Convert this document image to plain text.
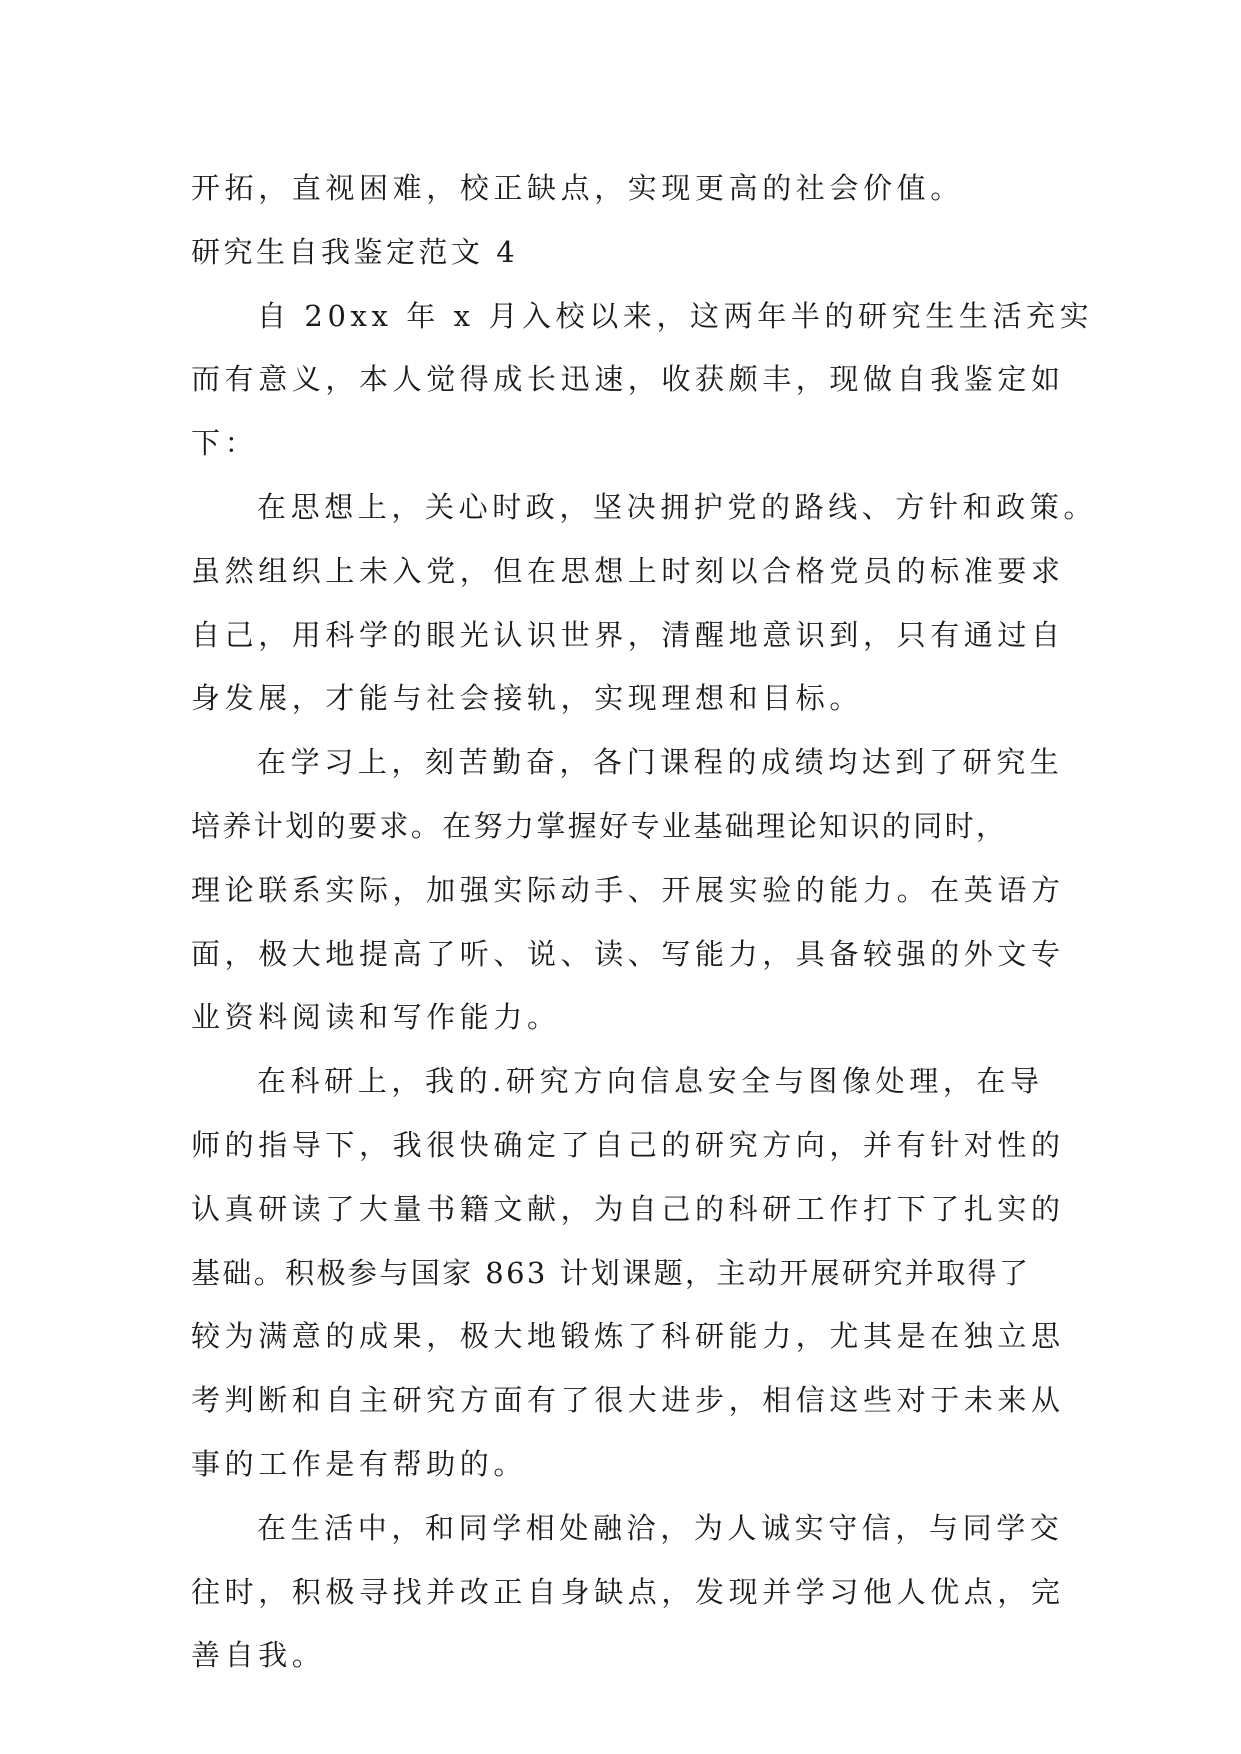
开拓，直视困难，校正缺点，实现更高的社会价值。
研究生自我鉴定范文 4
自 20xx 年 x 月入校以来，这两年半的研究生生活充实
而有意义，本人觉得成长迅速，收获颇丰，现做自我鉴定如
下：
在思想上，关心时政，坚决拥护党的路线、方针和政策。
虽然组织上未入党，但在思想上时刻以合格党员的标准要求
自己，用科学的眼光认识世界，清醒地意识到，只有通过自
身发展，才能与社会接轨，实现理想和目标。
在学习上，刻苦勤奋，各门课程的成绩均达到了研究生
培养计划的要求。在努力掌握好专业基础理论知识的同时，
理论联系实际，加强实际动手、开展实验的能力。在英语方
面，极大地提高了听、说、读、写能力，具备较强的外文专
业资料阅读和写作能力。
在科研上，我的.研究方向信息安全与图像处理，在导
师的指导下，我很快确定了自己的研究方向，并有针对性的
认真研读了大量书籍文献，为自己的科研工作打下了扎实的
基础。积极参与国家 863 计划课题，主动开展研究并取得了
较为满意的成果，极大地锻炼了科研能力，尤其是在独立思
考判断和自主研究方面有了很大进步，相信这些对于未来从
事的工作是有帮助的。
在生活中，和同学相处融洽，为人诚实守信，与同学交
往时，积极寻找并改正自身缺点，发现并学习他人优点，完
善自我。
